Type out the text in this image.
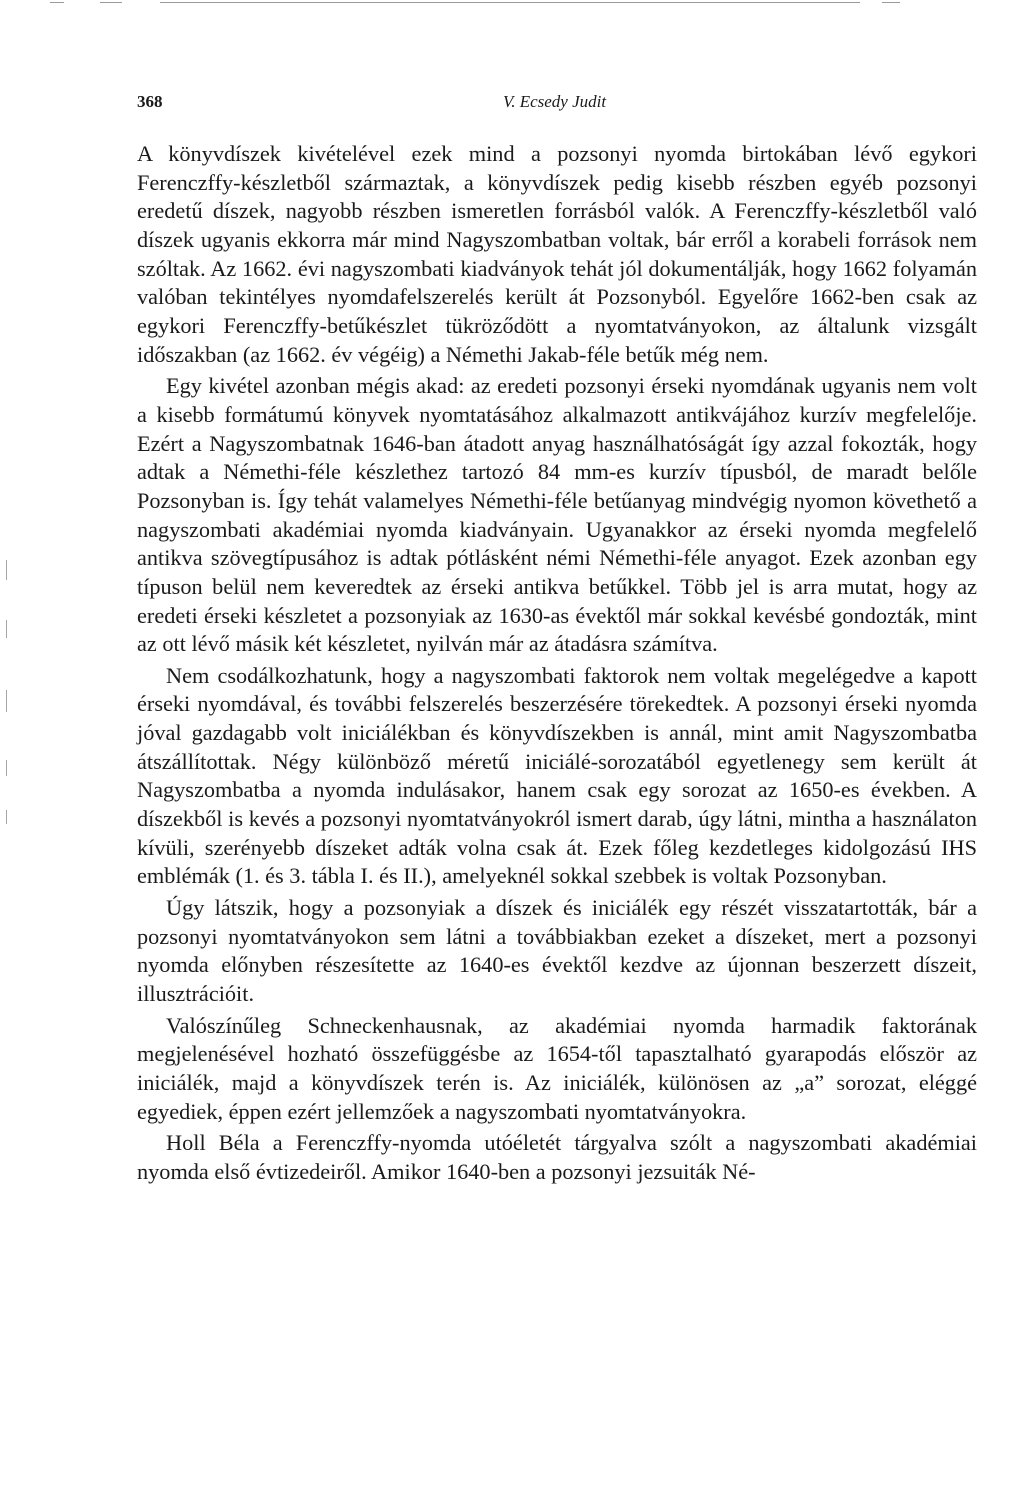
368	V. Ecsedy Judit

A könyvdíszek kivételével ezek mind a pozsonyi nyomda birtokában lévő egykori Ferenczffy-készletből származtak, a könyvdíszek pedig kisebb részben egyéb pozsonyi eredetű díszek, nagyobb részben ismeretlen forrásból valók. A Ferenczffy-készletből való díszek ugyanis ekkorra már mind Nagyszombatban voltak, bár erről a korabeli források nem szóltak. Az 1662. évi nagyszombati kiadványok tehát jól dokumentálják, hogy 1662 folyamán valóban tekintélyes nyomdafelszerelés került át Pozsonyból. Egyelőre 1662-ben csak az egykori Ferenczffy-betűkészlet tükröződött a nyomtatványokon, az általunk vizsgált időszakban (az 1662. év végéig) a Némethi Jakab-féle betűk még nem.

Egy kivétel azonban mégis akad: az eredeti pozsonyi érseki nyomdának ugyanis nem volt a kisebb formátumú könyvek nyomtatásához alkalmazott antikvájához kurzív megfelelője. Ezért a Nagyszombatnak 1646-ban átadott anyag használhatóságát így azzal fokozták, hogy adtak a Némethi-féle készlethez tartozó 84 mm-es kurzív típusból, de maradt belőle Pozsonyban is. Így tehát valamelyes Némethi-féle betűanyag mindvégig nyomon követhető a nagyszombati akadémiai nyomda kiadványain. Ugyanakkor az érseki nyomda megfelelő antikva szövegtípusához is adtak pótlásként némi Némethi-féle anyagot. Ezek azonban egy típuson belül nem keveredtek az érseki antikva betűkkel. Több jel is arra mutat, hogy az eredeti érseki készletet a pozsonyiak az 1630-as évektől már sokkal kevésbé gondozták, mint az ott lévő másik két készletet, nyilván már az átadásra számítva.

Nem csodálkozhatunk, hogy a nagyszombati faktorok nem voltak megelégedve a kapott érseki nyomdával, és további felszerelés beszerzésére törekedtek. A pozsonyi érseki nyomda jóval gazdagabb volt iniciálékban és könyvdíszekben is annál, mint amit Nagyszombatba átszállítottak. Négy különböző méretű iniciálé-sorozatából egyetlenegy sem került át Nagyszombatba a nyomda indulásakor, hanem csak egy sorozat az 1650-es években. A díszekből is kevés a pozsonyi nyomtatványokról ismert darab, úgy látni, mintha a használaton kívüli, szerényebb díszeket adták volna csak át. Ezek főleg kezdetleges kidolgozású IHS emblémák (1. és 3. tábla I. és II.), amelyeknél sokkal szebbek is voltak Pozsonyban.

Úgy látszik, hogy a pozsonyiak a díszek és iniciálék egy részét visszatartották, bár a pozsonyi nyomtatványokon sem látni a továbbiakban ezeket a díszeket, mert a pozsonyi nyomda előnyben részesítette az 1640-es évektől kezdve az újonnan beszerzett díszeit, illusztrációit.

Valószínűleg Schneckenhausnak, az akadémiai nyomda harmadik faktorának megjelenésével hozható összefüggésbe az 1654-től tapasztalható gyarapodás először az iniciálék, majd a könyvdíszek terén is. Az iniciálék, különösen az „a” sorozat, eléggé egyediek, éppen ezért jellemzőek a nagyszombati nyomtatványokra.

Holl Béla a Ferenczffy-nyomda utóéletét tárgyalva szólt a nagyszombati akadémiai nyomda első évtizedeiről. Amikor 1640-ben a pozsonyi jezsuiták Né-
